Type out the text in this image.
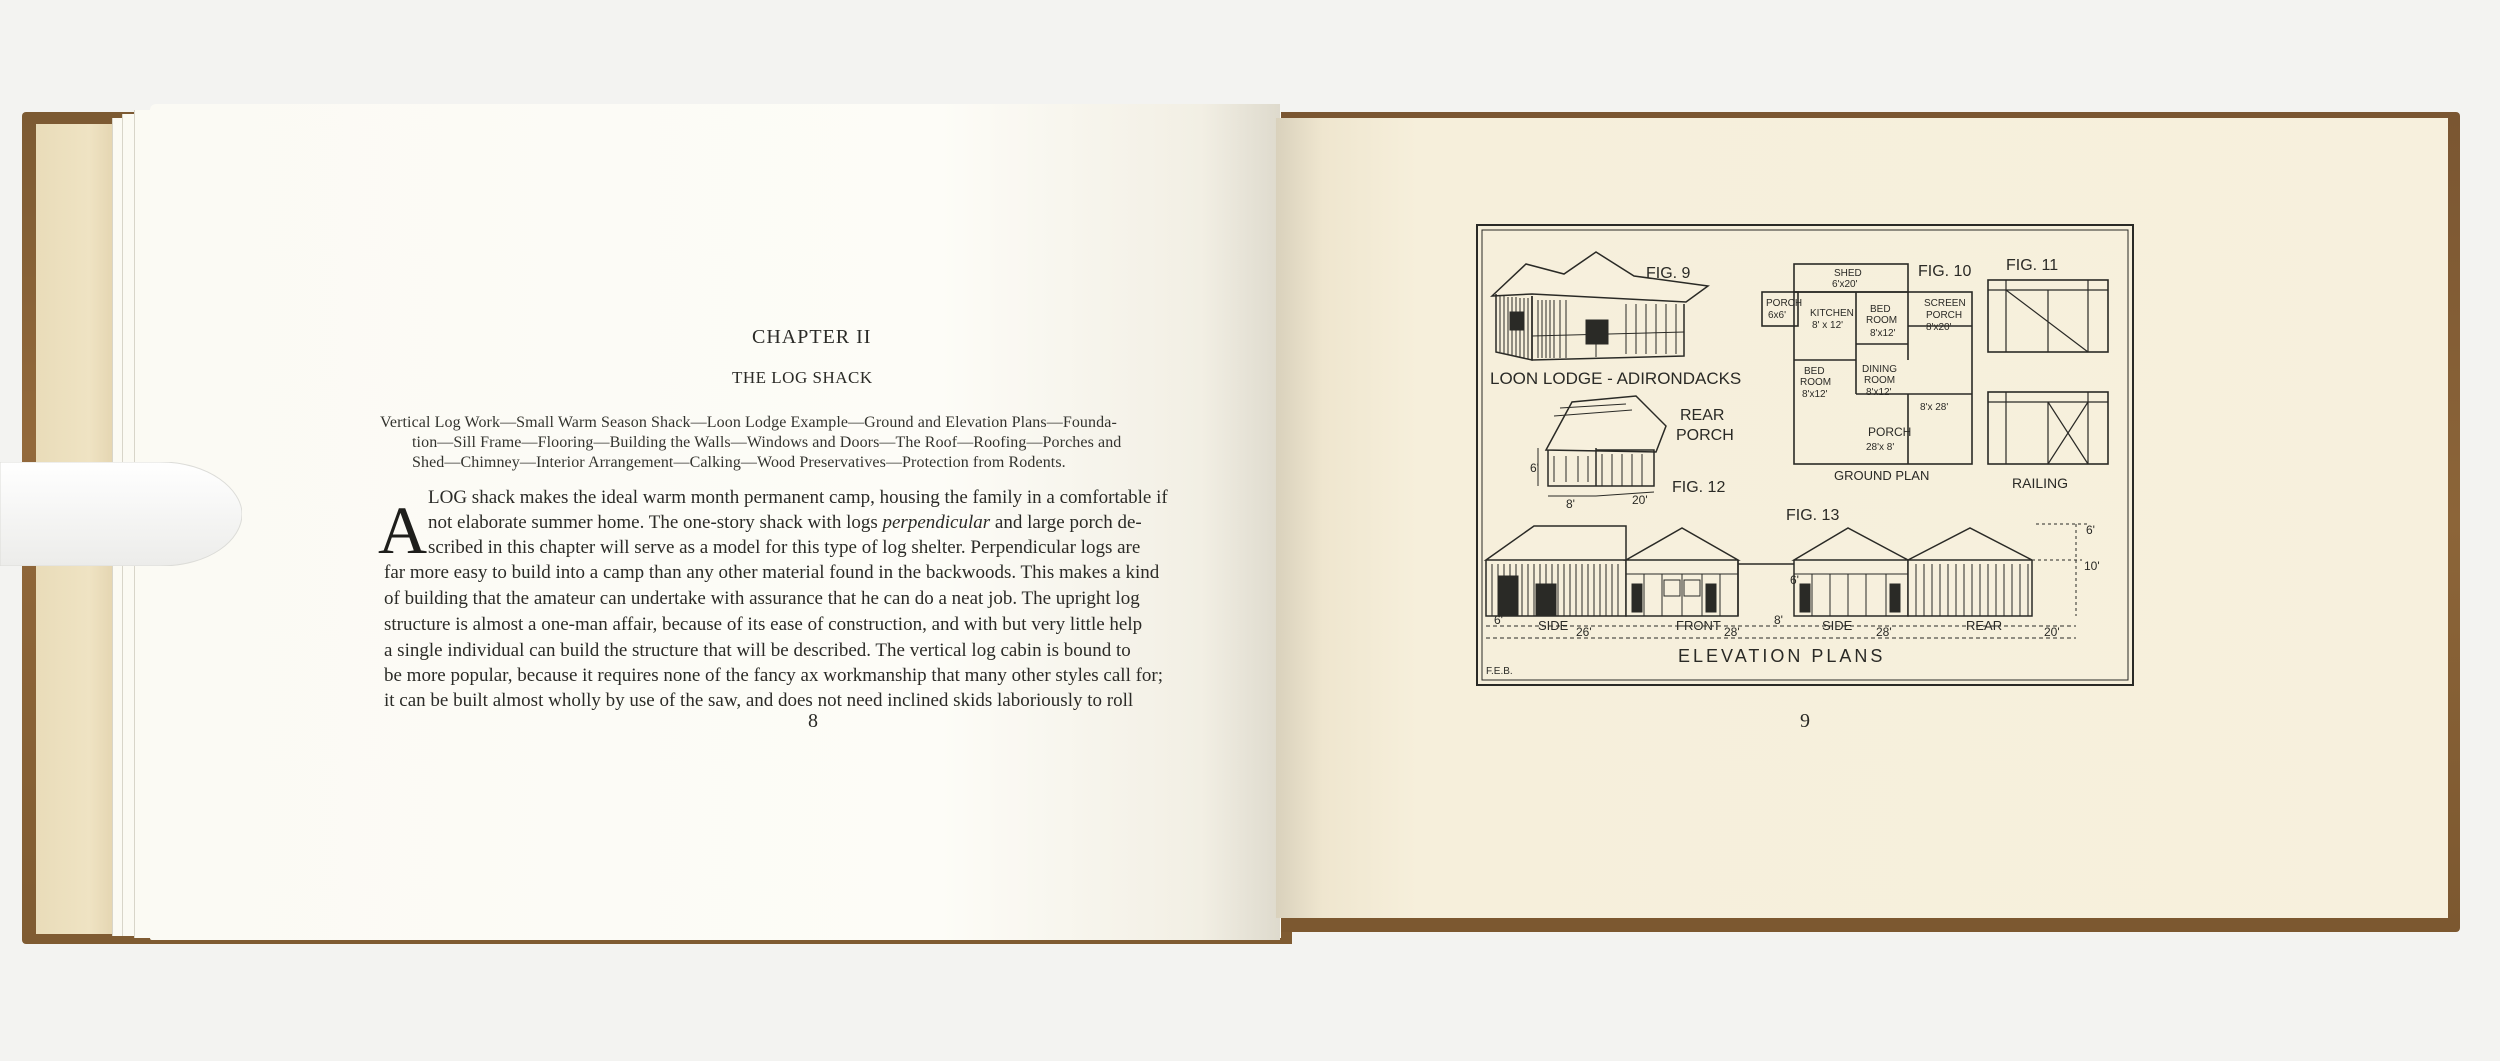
CHAPTER II
THE LOG SHACK
Vertical Log Work—Small Warm Season Shack—Loon Lodge Example—Ground and Elevation Plans—Founda-
tion—Sill Frame—Flooring—Building the Walls—Windows and Doors—The Roof—Roofing—Porches and
Shed—Chimney—Interior Arrangement—Calking—Wood Preservatives—Protection from Rodents.
A LOG shack makes the ideal warm month permanent camp, housing the family in a comfortable if
not elaborate summer home. The one-story shack with logs perpendicular and large porch de-
scribed in this chapter will serve as a model for this type of log shelter. Perpendicular logs are
far more easy to build into a camp than any other material found in the backwoods. This makes a kind
of building that the amateur can undertake with assurance that he can do a neat job. The upright log
structure is almost a one-man affair, because of its ease of construction, and with but very little help
a single individual can build the structure that will be described. The vertical log cabin is bound to
be more popular, because it requires none of the fancy ax workmanship that many other styles call for;
it can be built almost wholly by use of the saw, and does not need inclined skids laboriously to roll
8
FIG. 9
LOON LODGE - ADIRONDACKS
6'
8'	20'
REAR
PORCH
FIG. 12
SHED
6'x20'
PORCH
6x6' KITCHEN
8' x 12'
BED
ROOM
8'x12'
SCREEN
PORCH
8'x20'
BED
ROOM
8'x12'
DINING
ROOM
8'x12'
8'x 28'
PORCH
28'x 8'
GROUND PLAN
FIG. 10 FIG. 11
RAILING
FIG. 13
6'
26'	28'
8'
28'	20'
6'
10'
6'
SIDE	FRONT	SIDE	REAR
ELEVATION PLANS
F.E.B.
9
